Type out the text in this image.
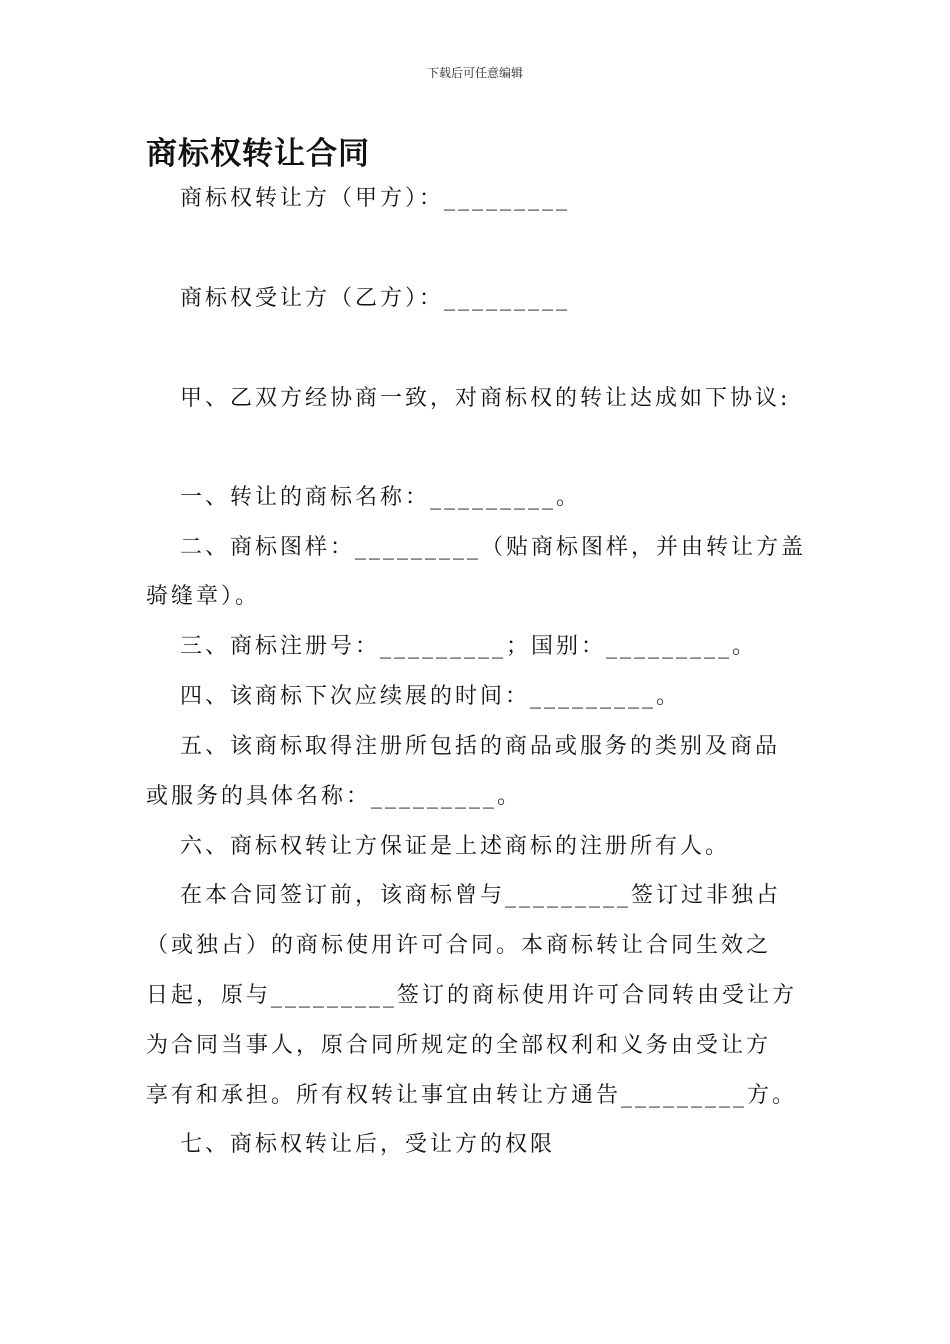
下载后可任意编辑
商标权转让合同
商标权转让方（甲方）：_________
商标权受让方（乙方）：_________
甲、乙双方经协商一致，对商标权的转让达成如下协议:
一、转让的商标名称：_________。
二、商标图样：_________（贴商标图样，并由转让方盖
骑缝章）。
三、商标注册号：_________；国别：_________。
四、该商标下次应续展的时间：_________。
五、该商标取得注册所包括的商品或服务的类别及商品
或服务的具体名称：_________。
六、商标权转让方保证是上述商标的注册所有人。
在本合同签订前，该商标曾与_________签订过非独占
（或独占）的商标使用许可合同。本商标转让合同生效之
日起，原与_________签订的商标使用许可合同转由受让方
为合同当事人，原合同所规定的全部权利和义务由受让方
享有和承担。所有权转让事宜由转让方通告_________方。
七、商标权转让后，受让方的权限
